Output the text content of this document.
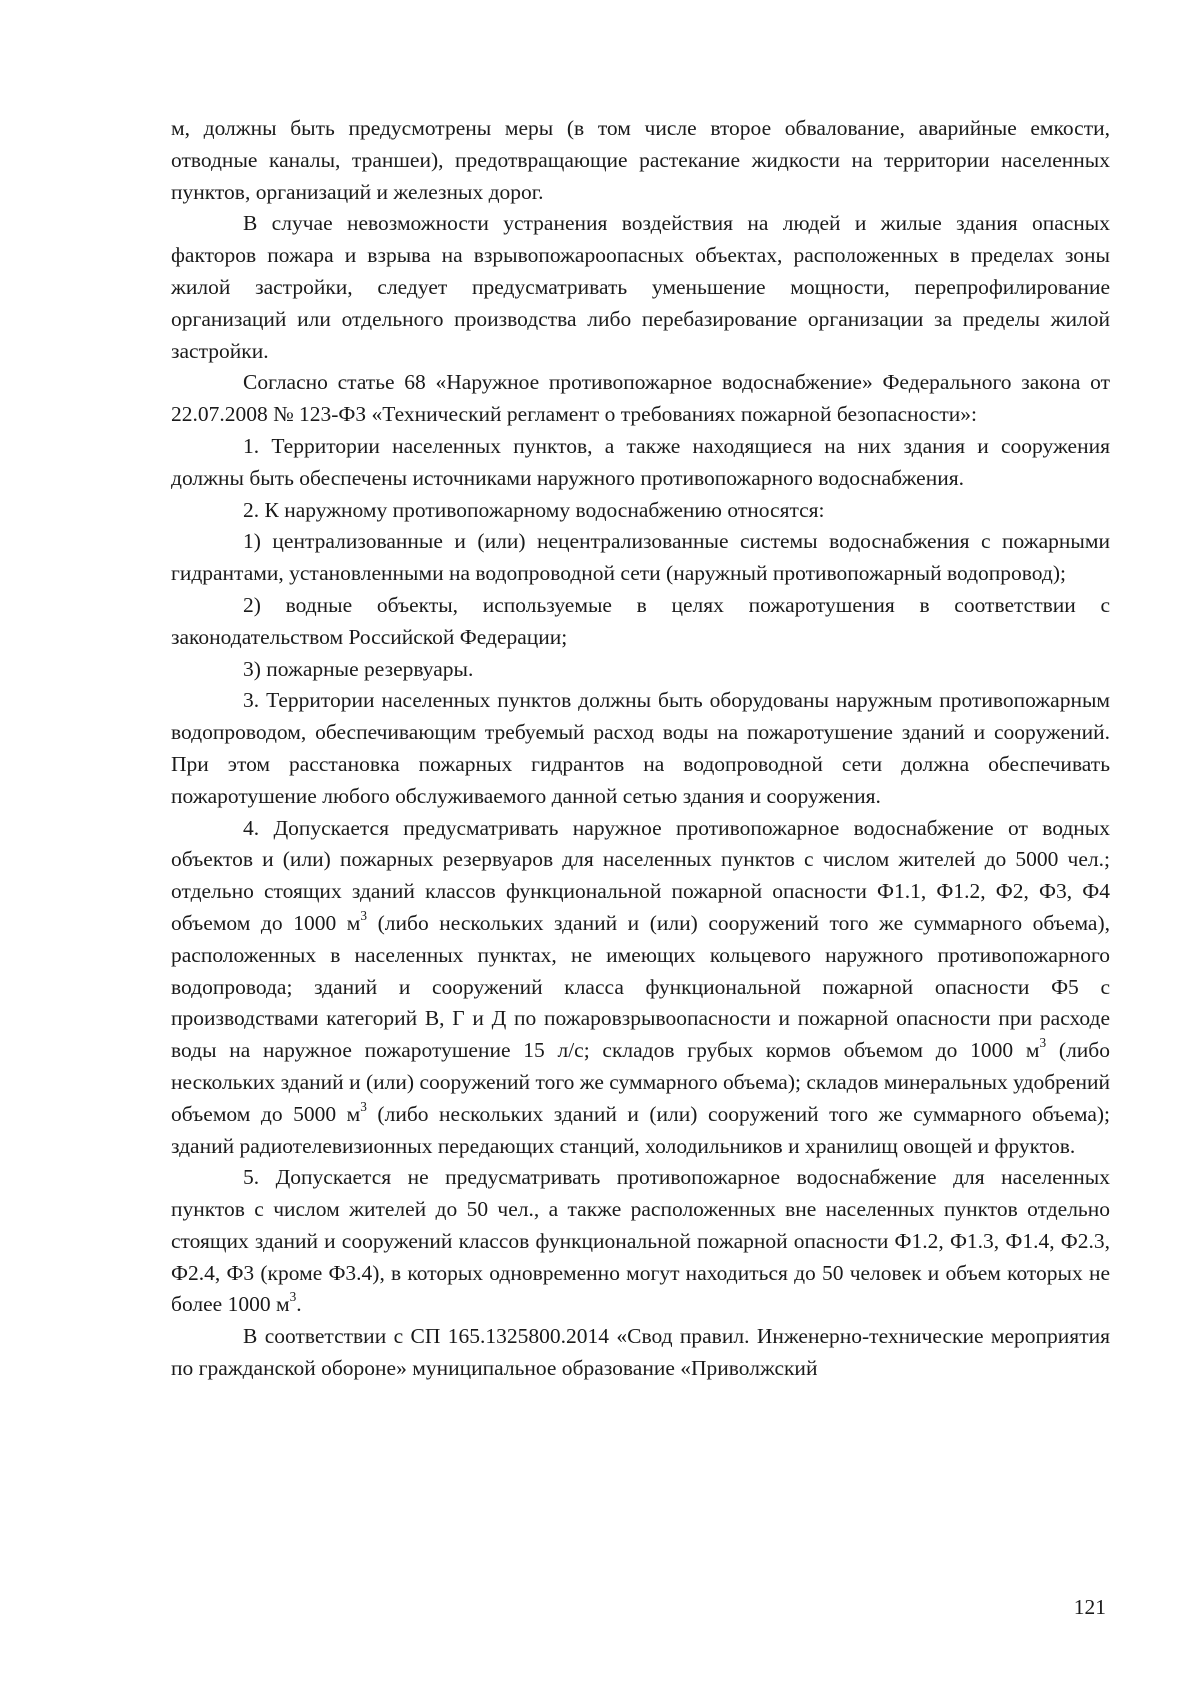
м, должны быть предусмотрены меры (в том числе второе обвалование, аварийные емкости, отводные каналы, траншеи), предотвращающие растекание жидкости на территории населенных пунктов, организаций и железных дорог.

В случае невозможности устранения воздействия на людей и жилые здания опасных факторов пожара и взрыва на взрывопожароопасных объектах, расположенных в пределах зоны жилой застройки, следует предусматривать уменьшение мощности, перепрофилирование организаций или отдельного производства либо перебазирование организации за пределы жилой застройки.

Согласно статье 68 «Наружное противопожарное водоснабжение» Федерального закона от 22.07.2008 № 123-ФЗ «Технический регламент о требованиях пожарной безопасности»:

1. Территории населенных пунктов, а также находящиеся на них здания и сооружения должны быть обеспечены источниками наружного противопожарного водоснабжения.

2. К наружному противопожарному водоснабжению относятся:

1) централизованные и (или) нецентрализованные системы водоснабжения с пожарными гидрантами, установленными на водопроводной сети (наружный противопожарный водопровод);

2) водные объекты, используемые в целях пожаротушения в соответствии с законодательством Российской Федерации;

3) пожарные резервуары.

3. Территории населенных пунктов должны быть оборудованы наружным противопожарным водопроводом, обеспечивающим требуемый расход воды на пожаротушение зданий и сооружений. При этом расстановка пожарных гидрантов на водопроводной сети должна обеспечивать пожаротушение любого обслуживаемого данной сетью здания и сооружения.

4. Допускается предусматривать наружное противопожарное водоснабжение от водных объектов и (или) пожарных резервуаров для населенных пунктов с числом жителей до 5000 чел.; отдельно стоящих зданий классов функциональной пожарной опасности Ф1.1, Ф1.2, Ф2, Ф3, Ф4 объемом до 1000 $м^3$ (либо нескольких зданий и (или) сооружений того же суммарного объема), расположенных в населенных пунктах, не имеющих кольцевого наружного противопожарного водопровода; зданий и сооружений класса функциональной пожарной опасности Ф5 с производствами категорий В, Г и Д по пожаровзрывоопасности и пожарной опасности при расходе воды на наружное пожаротушение 15 л/с; складов грубых кормов объемом до 1000 $м^3$ (либо нескольких зданий и (или) сооружений того же суммарного объема); складов минеральных удобрений объемом до 5000 $м^3$ (либо нескольких зданий и (или) сооружений того же суммарного объема); зданий радиотелевизионных передающих станций, холодильников и хранилищ овощей и фруктов.

5. Допускается не предусматривать противопожарное водоснабжение для населенных пунктов с числом жителей до 50 чел., а также расположенных вне населенных пунктов отдельно стоящих зданий и сооружений классов функциональной пожарной опасности Ф1.2, Ф1.3, Ф1.4, Ф2.3, Ф2.4, Ф3 (кроме Ф3.4), в которых одновременно могут находиться до 50 человек и объем которых не более 1000 $м^3$.

В соответствии с СП 165.1325800.2014 «Свод правил. Инженерно-технические мероприятия по гражданской обороне» муниципальное образование «Приволжский

121
